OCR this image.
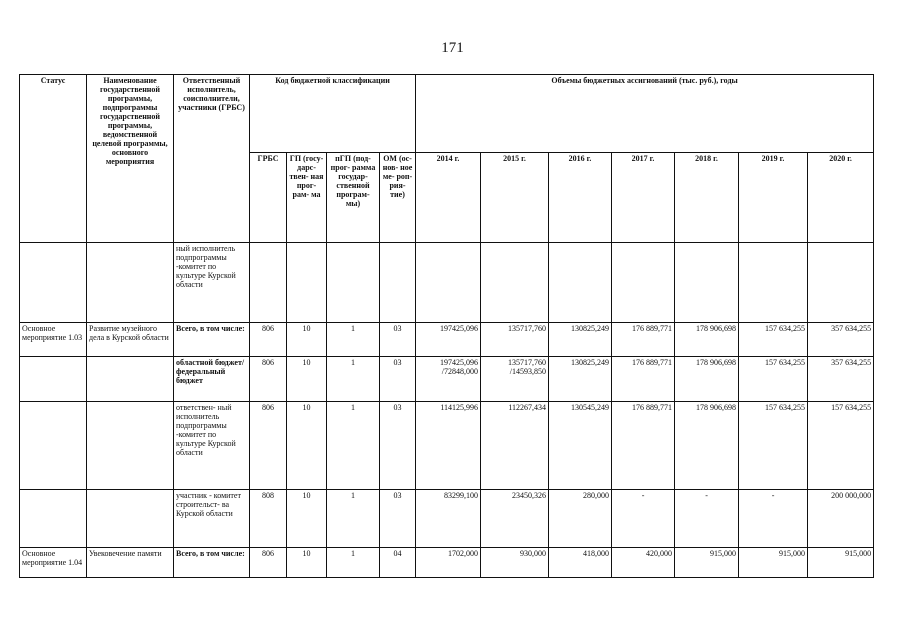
171
Статус	Наименование государственной программы, подпрограммы государственной программы, ведомственной целевой программы, основного мероприятия	Ответственный исполнитель, соисполнители, участники (ГРБС)	Код бюджетной классификации				Объемы бюджетных ассигнований (тыс. руб.), годы						
			ГРБС	ГП (госу- дарс- твен- ная прог- рам- ма	пГП (под- прог- рамма государ- ственной програм- мы)	ОМ (ос- нов- ное ме- роп- рия- тие)	2014 г.	2015 г.	2016 г.	2017 г.	2018 г.	2019 г.	2020 г.
		ный исполнитель подпрограммы -комитет по культуре Курской области											
Основное мероприятие 1.03	Развитие музейного дела в Курской области	Всего, в том числе:	806	10	1	03	197425,096	135717,760	130825,249	176 889,771	178 906,698	157 634,255	357 634,255
		областной бюджет/ федеральный бюджет	806	10	1	03	197425,096 /72848,000	135717,760 /14593,850	130825,249	176 889,771	178 906,698	157 634,255	357 634,255
		ответствен- ный исполнитель подпрограммы -комитет по культуре Курской области	806	10	1	03	114125,996	112267,434	130545,249	176 889,771	178 906,698	157 634,255	157 634,255
		участник - комитет строительст- ва Курской области	808	10	1	03	83299,100	23450,326	280,000	-	-	-	200 000,000
Основное мероприятие 1.04	Увековечение памяти	Всего, в том числе:	806	10	1	04	1702,000	930,000	418,000	420,000	915,000	915,000	915,000
